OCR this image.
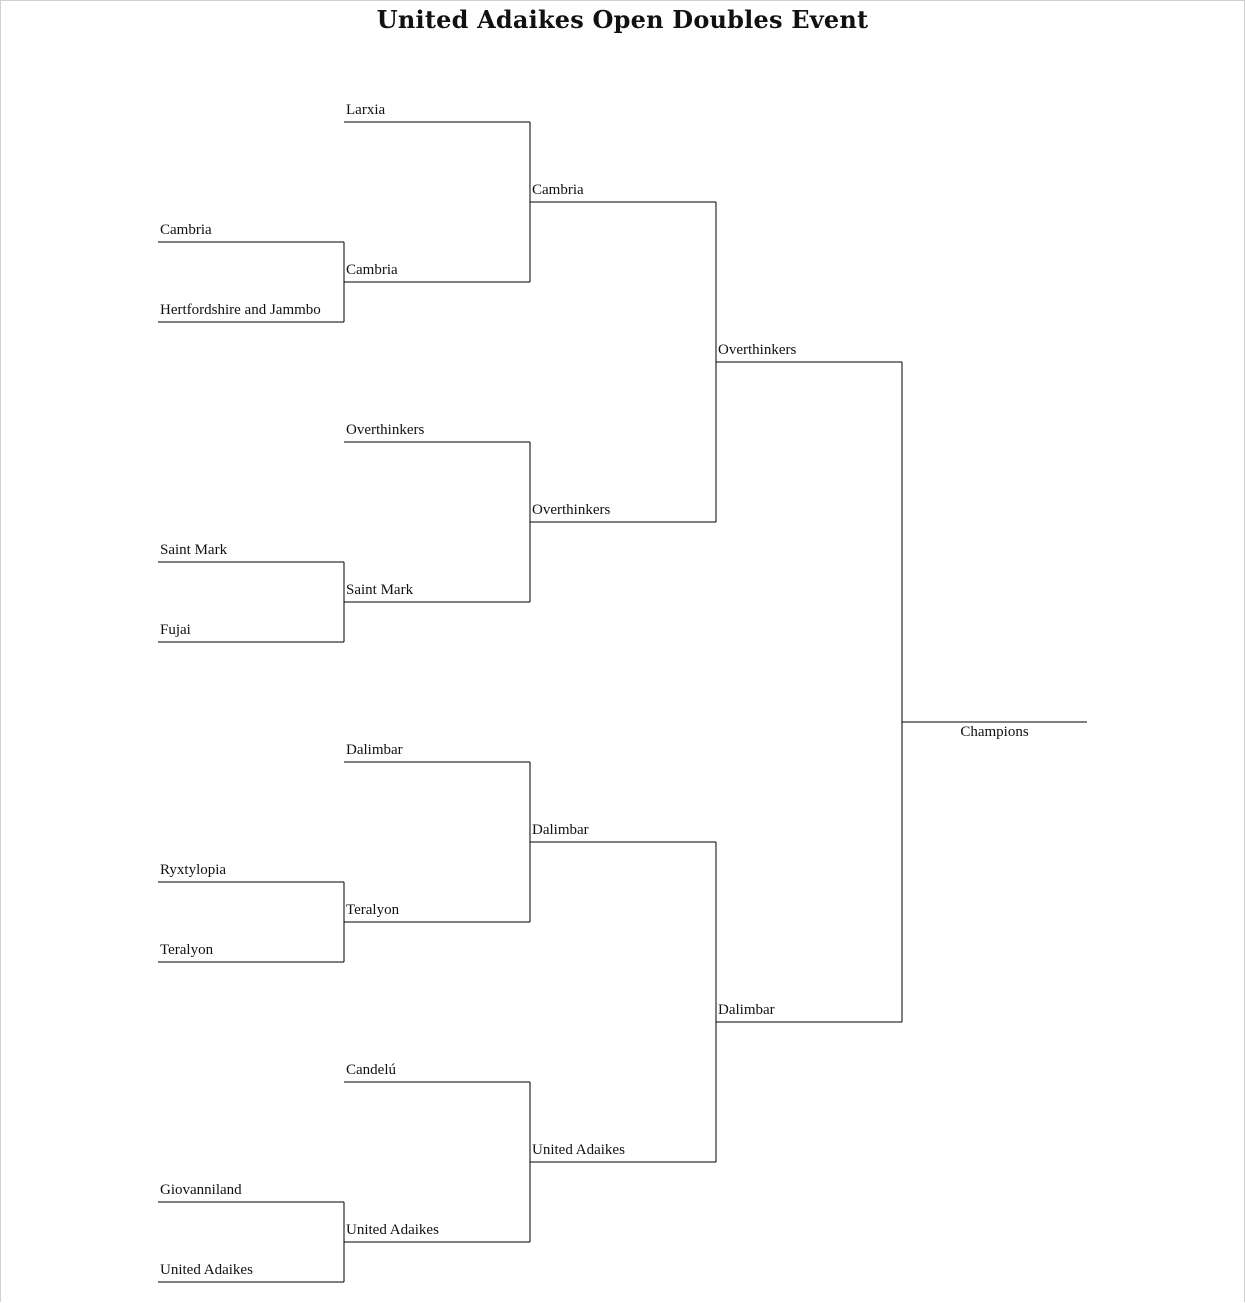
United Adaikes Open Doubles Event
Cambria
Hertfordshire and Jammbo
Saint Mark
Fujai
Ryxtylopia
Teralyon
Giovanniland
United Adaikes
Larxia
Cambria
Overthinkers
Saint Mark
Dalimbar
Teralyon
Candelú
United Adaikes
Cambria
Overthinkers
Dalimbar
United Adaikes
Overthinkers
Dalimbar
Champions
